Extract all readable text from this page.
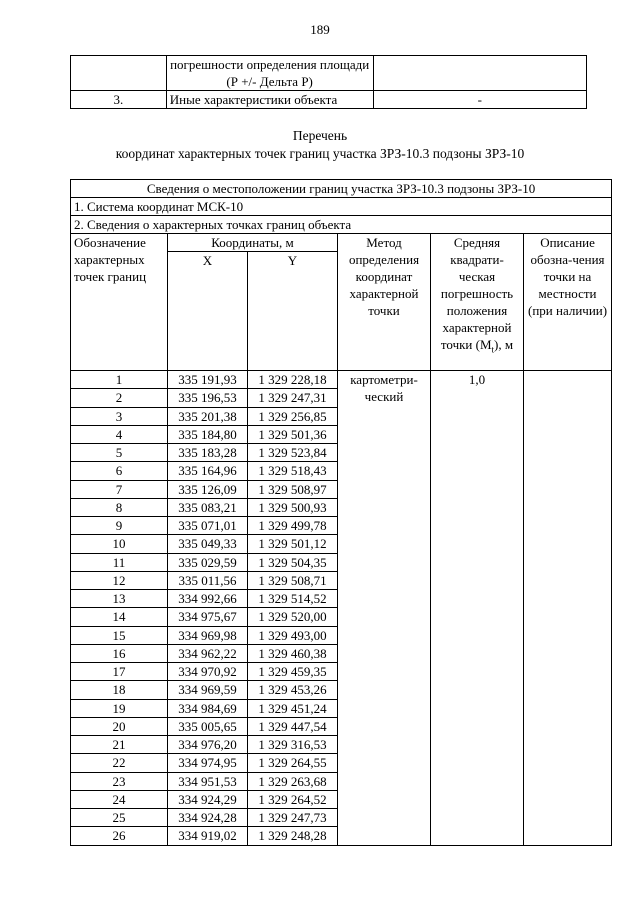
189
	погрешности определения площади (Р +/- Дельта Р)	
3.	Иные характеристики объекта	-
Перечень
координат характерных точек границ участка ЗРЗ-10.3 подзоны ЗРЗ-10
Сведения о местоположении границ участка ЗРЗ-10.3 подзоны ЗРЗ-10					
1. Система координат МСК-10					
2. Сведения о характерных точках границ объекта					
Обозначение характерных точек границ	Координаты, м		Метод определения координат характерной точки	Средняя квадрати-ческая погрешность положения характерной точки $(M_t)$, м	Описание обозна-чения точки на местности (при наличии)
	X	Y			
1	335 191,93	1 329 228,18	картометри-ческий	1,0	
2	335 196,53	1 329 247,31			
3	335 201,38	1 329 256,85			
4	335 184,80	1 329 501,36			
5	335 183,28	1 329 523,84			
6	335 164,96	1 329 518,43			
7	335 126,09	1 329 508,97			
8	335 083,21	1 329 500,93			
9	335 071,01	1 329 499,78			
10	335 049,33	1 329 501,12			
11	335 029,59	1 329 504,35			
12	335 011,56	1 329 508,71			
13	334 992,66	1 329 514,52			
14	334 975,67	1 329 520,00			
15	334 969,98	1 329 493,00			
16	334 962,22	1 329 460,38			
17	334 970,92	1 329 459,35			
18	334 969,59	1 329 453,26			
19	334 984,69	1 329 451,24			
20	335 005,65	1 329 447,54			
21	334 976,20	1 329 316,53			
22	334 974,95	1 329 264,55			
23	334 951,53	1 329 263,68			
24	334 924,29	1 329 264,52			
25	334 924,28	1 329 247,73			
26	334 919,02	1 329 248,28			
